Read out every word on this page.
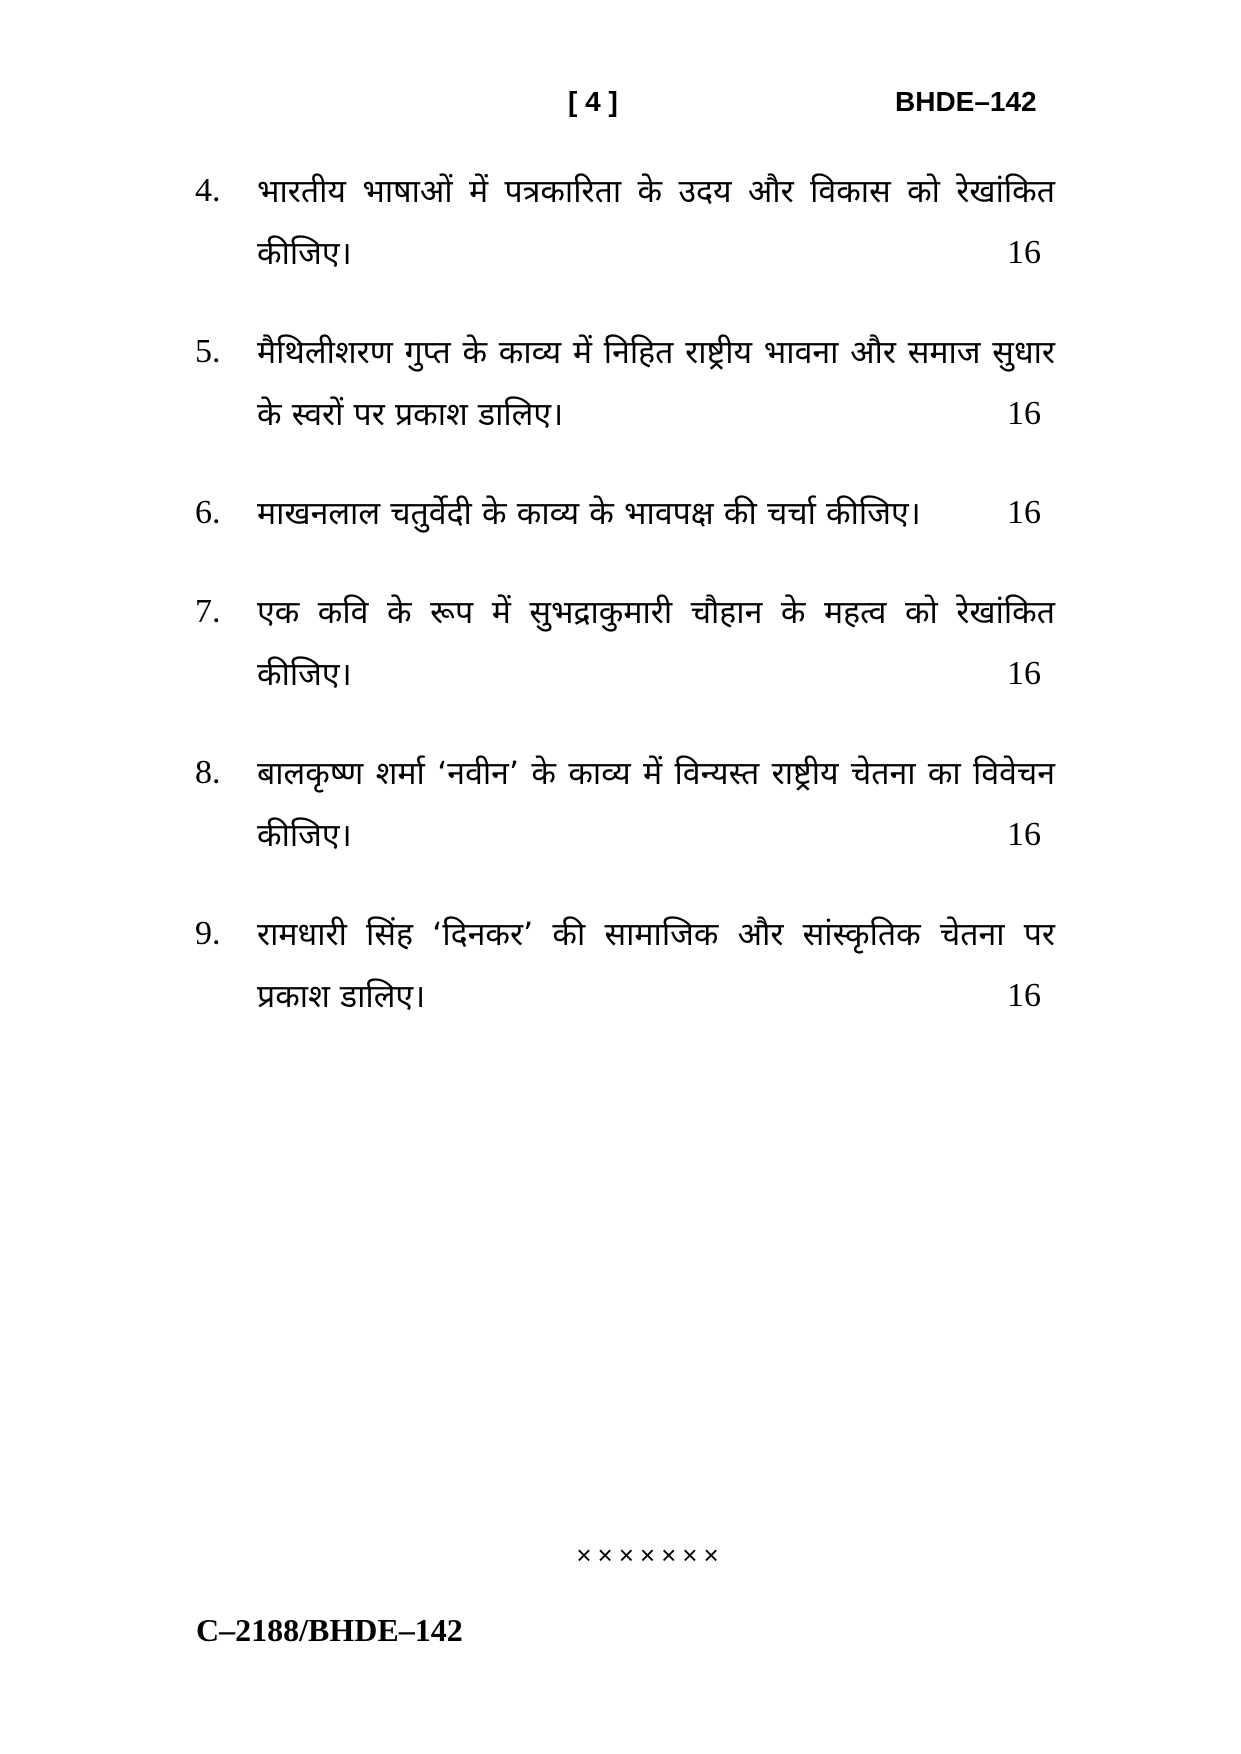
[ 4 ]	BHDE–142
4. भारतीय भाषाओं में पत्रकारिता के उदय और विकास को रेखांकित कीजिए।	16
5. मैथिलीशरण गुप्त के काव्य में निहित राष्ट्रीय भावना और समाज सुधार के स्वरों पर प्रकाश डालिए।	16
6. माखनलाल चतुर्वेदी के काव्य के भावपक्ष की चर्चा कीजिए।	16
7. एक कवि के रूप में सुभद्राकुमारी चौहान के महत्व को रेखांकित कीजिए।	16
8. बालकृष्ण शर्मा ‘नवीन’ के काव्य में विन्यस्त राष्ट्रीय चेतना का विवेचन कीजिए।	16
9. रामधारी सिंह ‘दिनकर’ की सामाजिक और सांस्कृतिक चेतना पर प्रकाश डालिए।	16
×××××××
C–2188/BHDE–142
